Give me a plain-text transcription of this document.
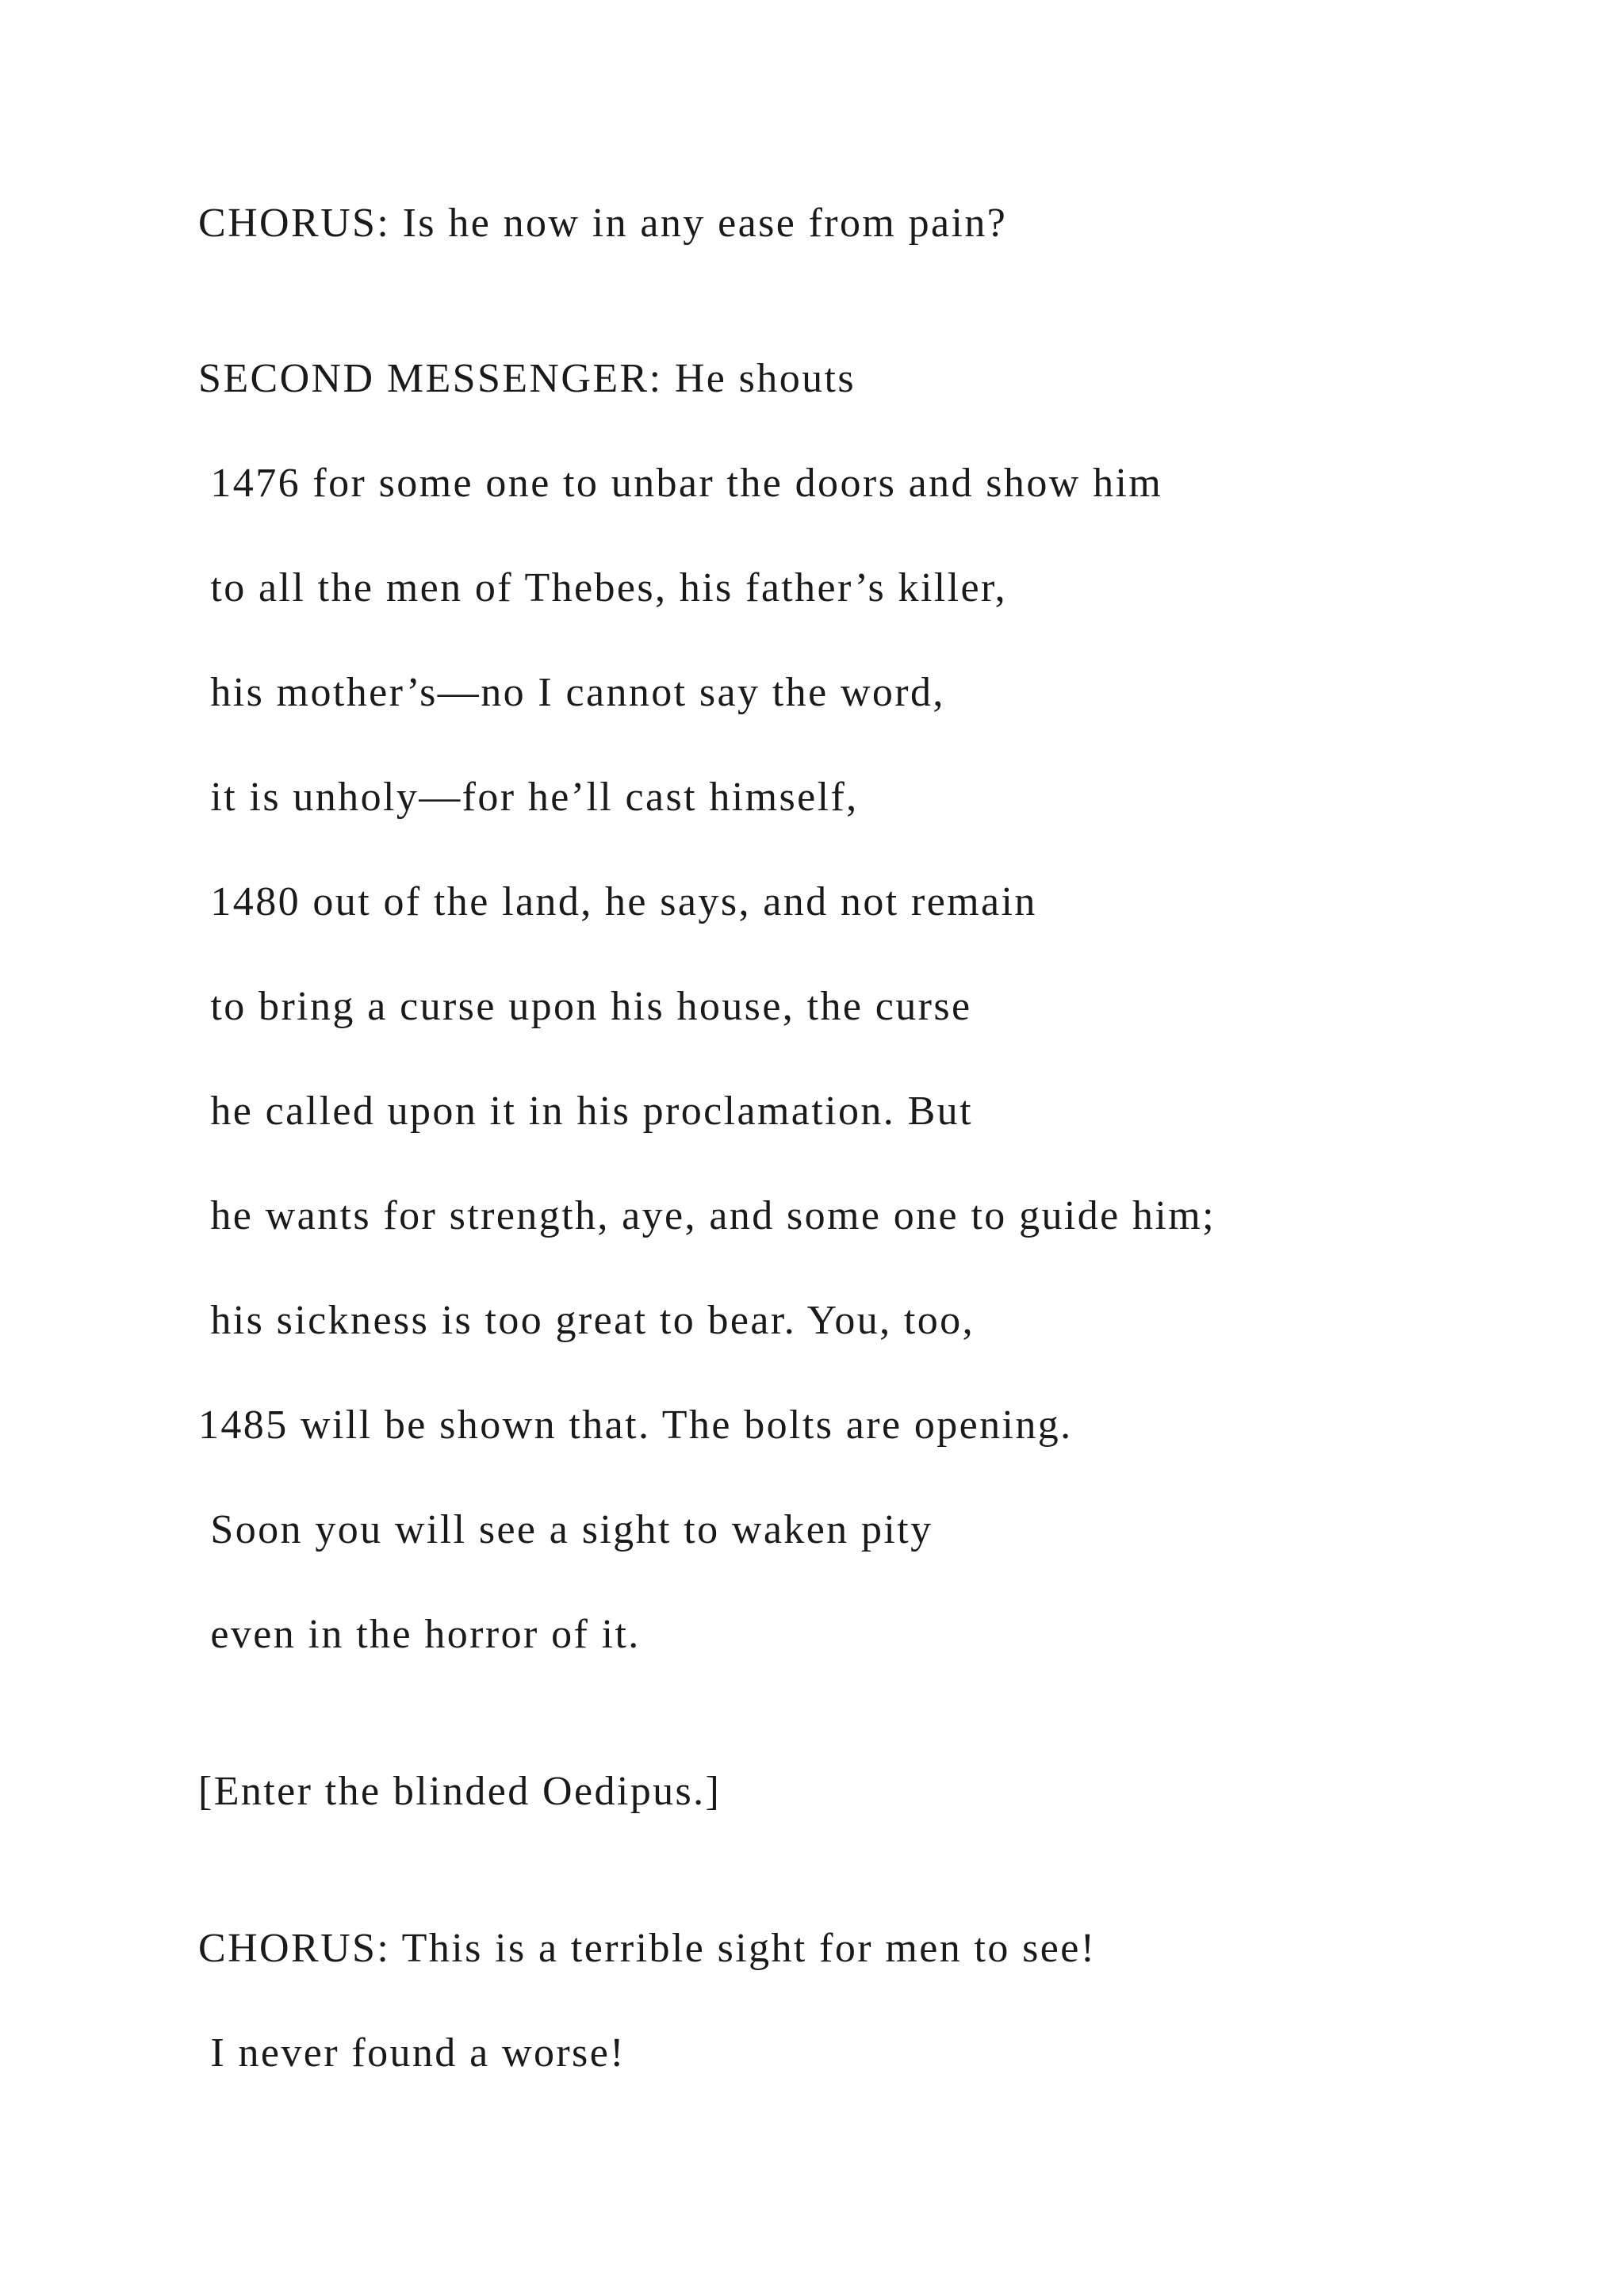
CHORUS: Is he now in any ease from pain?

SECOND MESSENGER: He shouts

1476 for some one to unbar the doors and show him

to all the men of Thebes, his father’s killer,

his mother’s—no I cannot say the word,

it is unholy—for he’ll cast himself,

1480 out of the land, he says, and not remain

to bring a curse upon his house, the curse

he called upon it in his proclamation. But

he wants for strength, aye, and some one to guide him;

his sickness is too great to bear. You, too,

1485 will be shown that. The bolts are opening.

Soon you will see a sight to waken pity

even in the horror of it.

[Enter the blinded Oedipus.]

CHORUS: This is a terrible sight for men to see!

I never found a worse!
